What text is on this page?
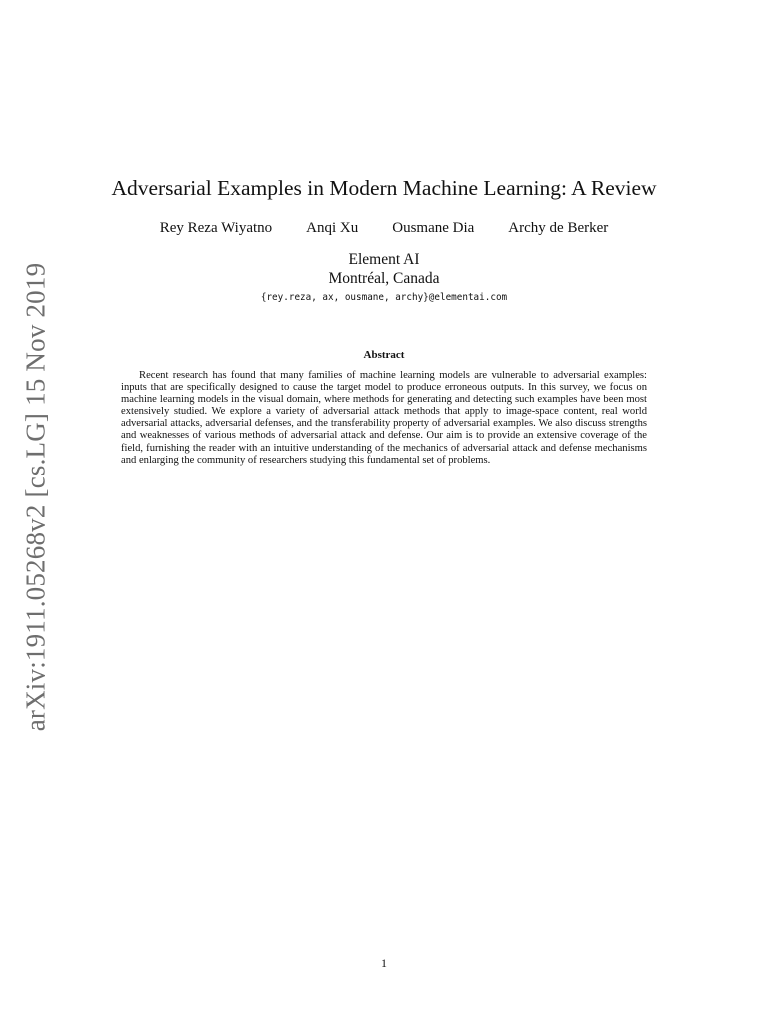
arXiv:1911.05268v2 [cs.LG] 15 Nov 2019
Adversarial Examples in Modern Machine Learning: A Review
Rey Reza Wiyatno Anqi Xu Ousmane Dia Archy de Berker
Element AI
Montréal, Canada
{rey.reza, ax, ousmane, archy}@elementai.com
Abstract

Recent research has found that many families of machine learning models are vulnerable to adversarial examples: inputs that are specifically designed to cause the target model to produce erroneous outputs. In this survey, we focus on machine learning models in the visual domain, where methods for generating and detecting such examples have been most extensively studied. We explore a variety of adversarial attack methods that apply to image-space content, real world adversarial attacks, adversarial defenses, and the transferability property of adversarial examples. We also discuss strengths and weaknesses of various methods of adversarial attack and defense. Our aim is to provide an extensive coverage of the field, furnishing the reader with an intuitive understanding of the mechanics of adversarial attack and defense mechanisms and enlarging the community of researchers studying this fundamental set of problems.

1
